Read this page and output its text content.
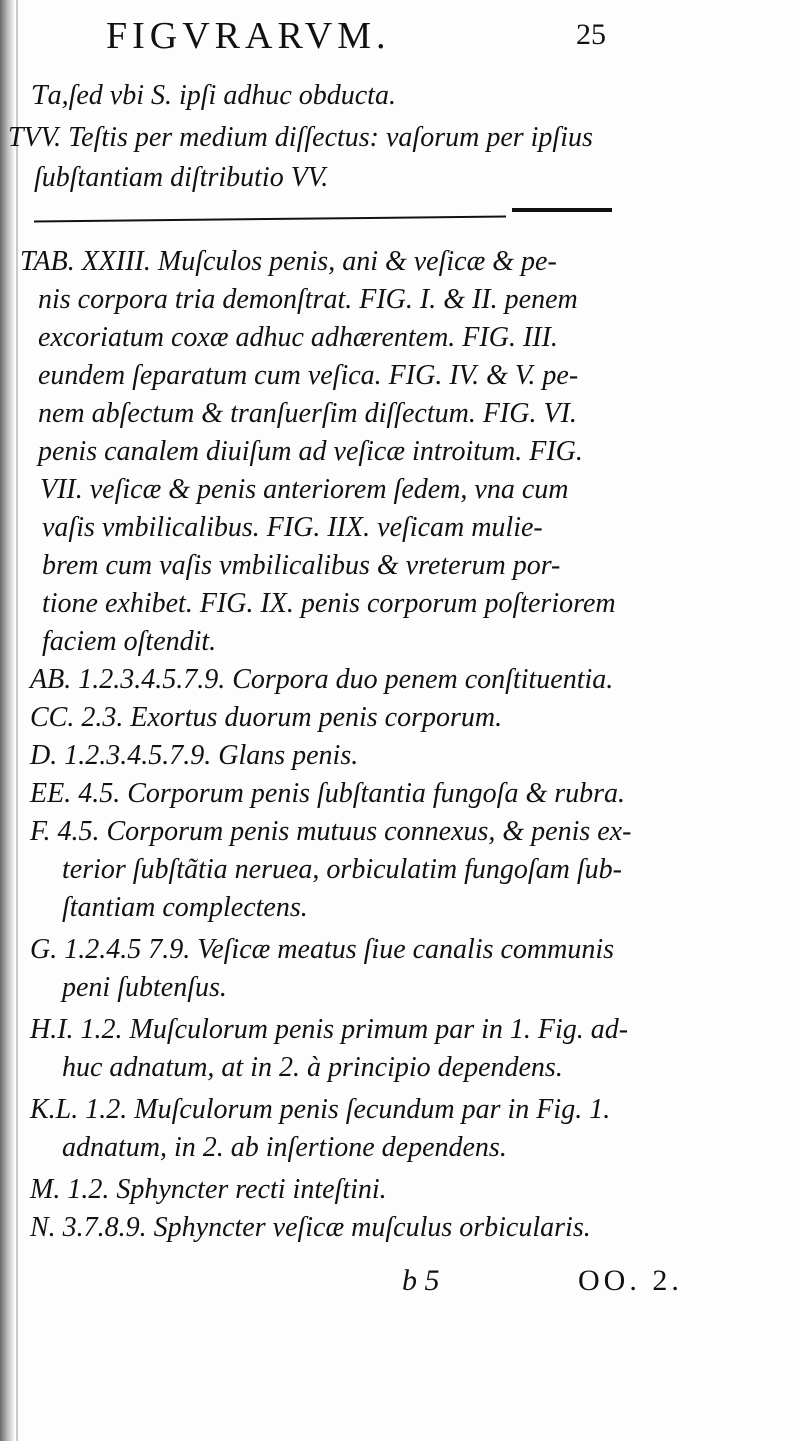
FIGVRARVM.	25
Ƭa,ſed vbi S. ipſi adhuc obducta.
TVV. Teſtis per medium diſſectus: vaſorum per ipſius
ſubſtantiam diſtributio VV.
TAB. XXIII. Muſculos penis, ani & veſicæ & pe-
nis corpora tria demonſtrat. FIG. I. & II. penem
excoriatum coxæ adhuc adhærentem. FIG. III.
eundem ſeparatum cum veſica. FIG. IV. & V. pe-
nem abſectum & tranſuerſim diſſectum. FIG. VI.
penis canalem diuiſum ad veſicæ introitum. FIG.
VII. veſicæ & penis anteriorem ſedem, vna cum
vaſis vmbilicalibus. FIG. IIX. veſicam mulie-
brem cum vaſis vmbilicalibus & vreterum por-
tione exhibet. FIG. IX. penis corporum poſteriorem
faciem oſtendit.
AB. 1.2.3.4.5.7.9. Corpora duo penem conſtituentia.
CC. 2.3. Exortus duorum penis corporum.
D. 1.2.3.4.5.7.9. Glans penis.
EE. 4.5. Corporum penis ſubſtantia fungoſa & rubra.
F. 4.5. Corporum penis mutuus connexus, & penis ex-
terior ſubſtãtia neruea, orbiculatim fungoſam ſub-
ſtantiam complectens.
G. 1.2.4.5 7.9. Veſicæ meatus ſiue canalis communis
peni ſubtenſus.
H.I. 1.2. Muſculorum penis primum par in 1. Fig. ad-
huc adnatum, at in 2. à principio dependens.
K.L. 1.2. Muſculorum penis ſecundum par in Fig. 1.
adnatum, in 2. ab inſertione dependens.
M. 1.2. Sphyncter recti inteſtini.
N. 3.7.8.9. Sphyncter veſicæ muſculus orbicularis.
b 5	OO. 2.
